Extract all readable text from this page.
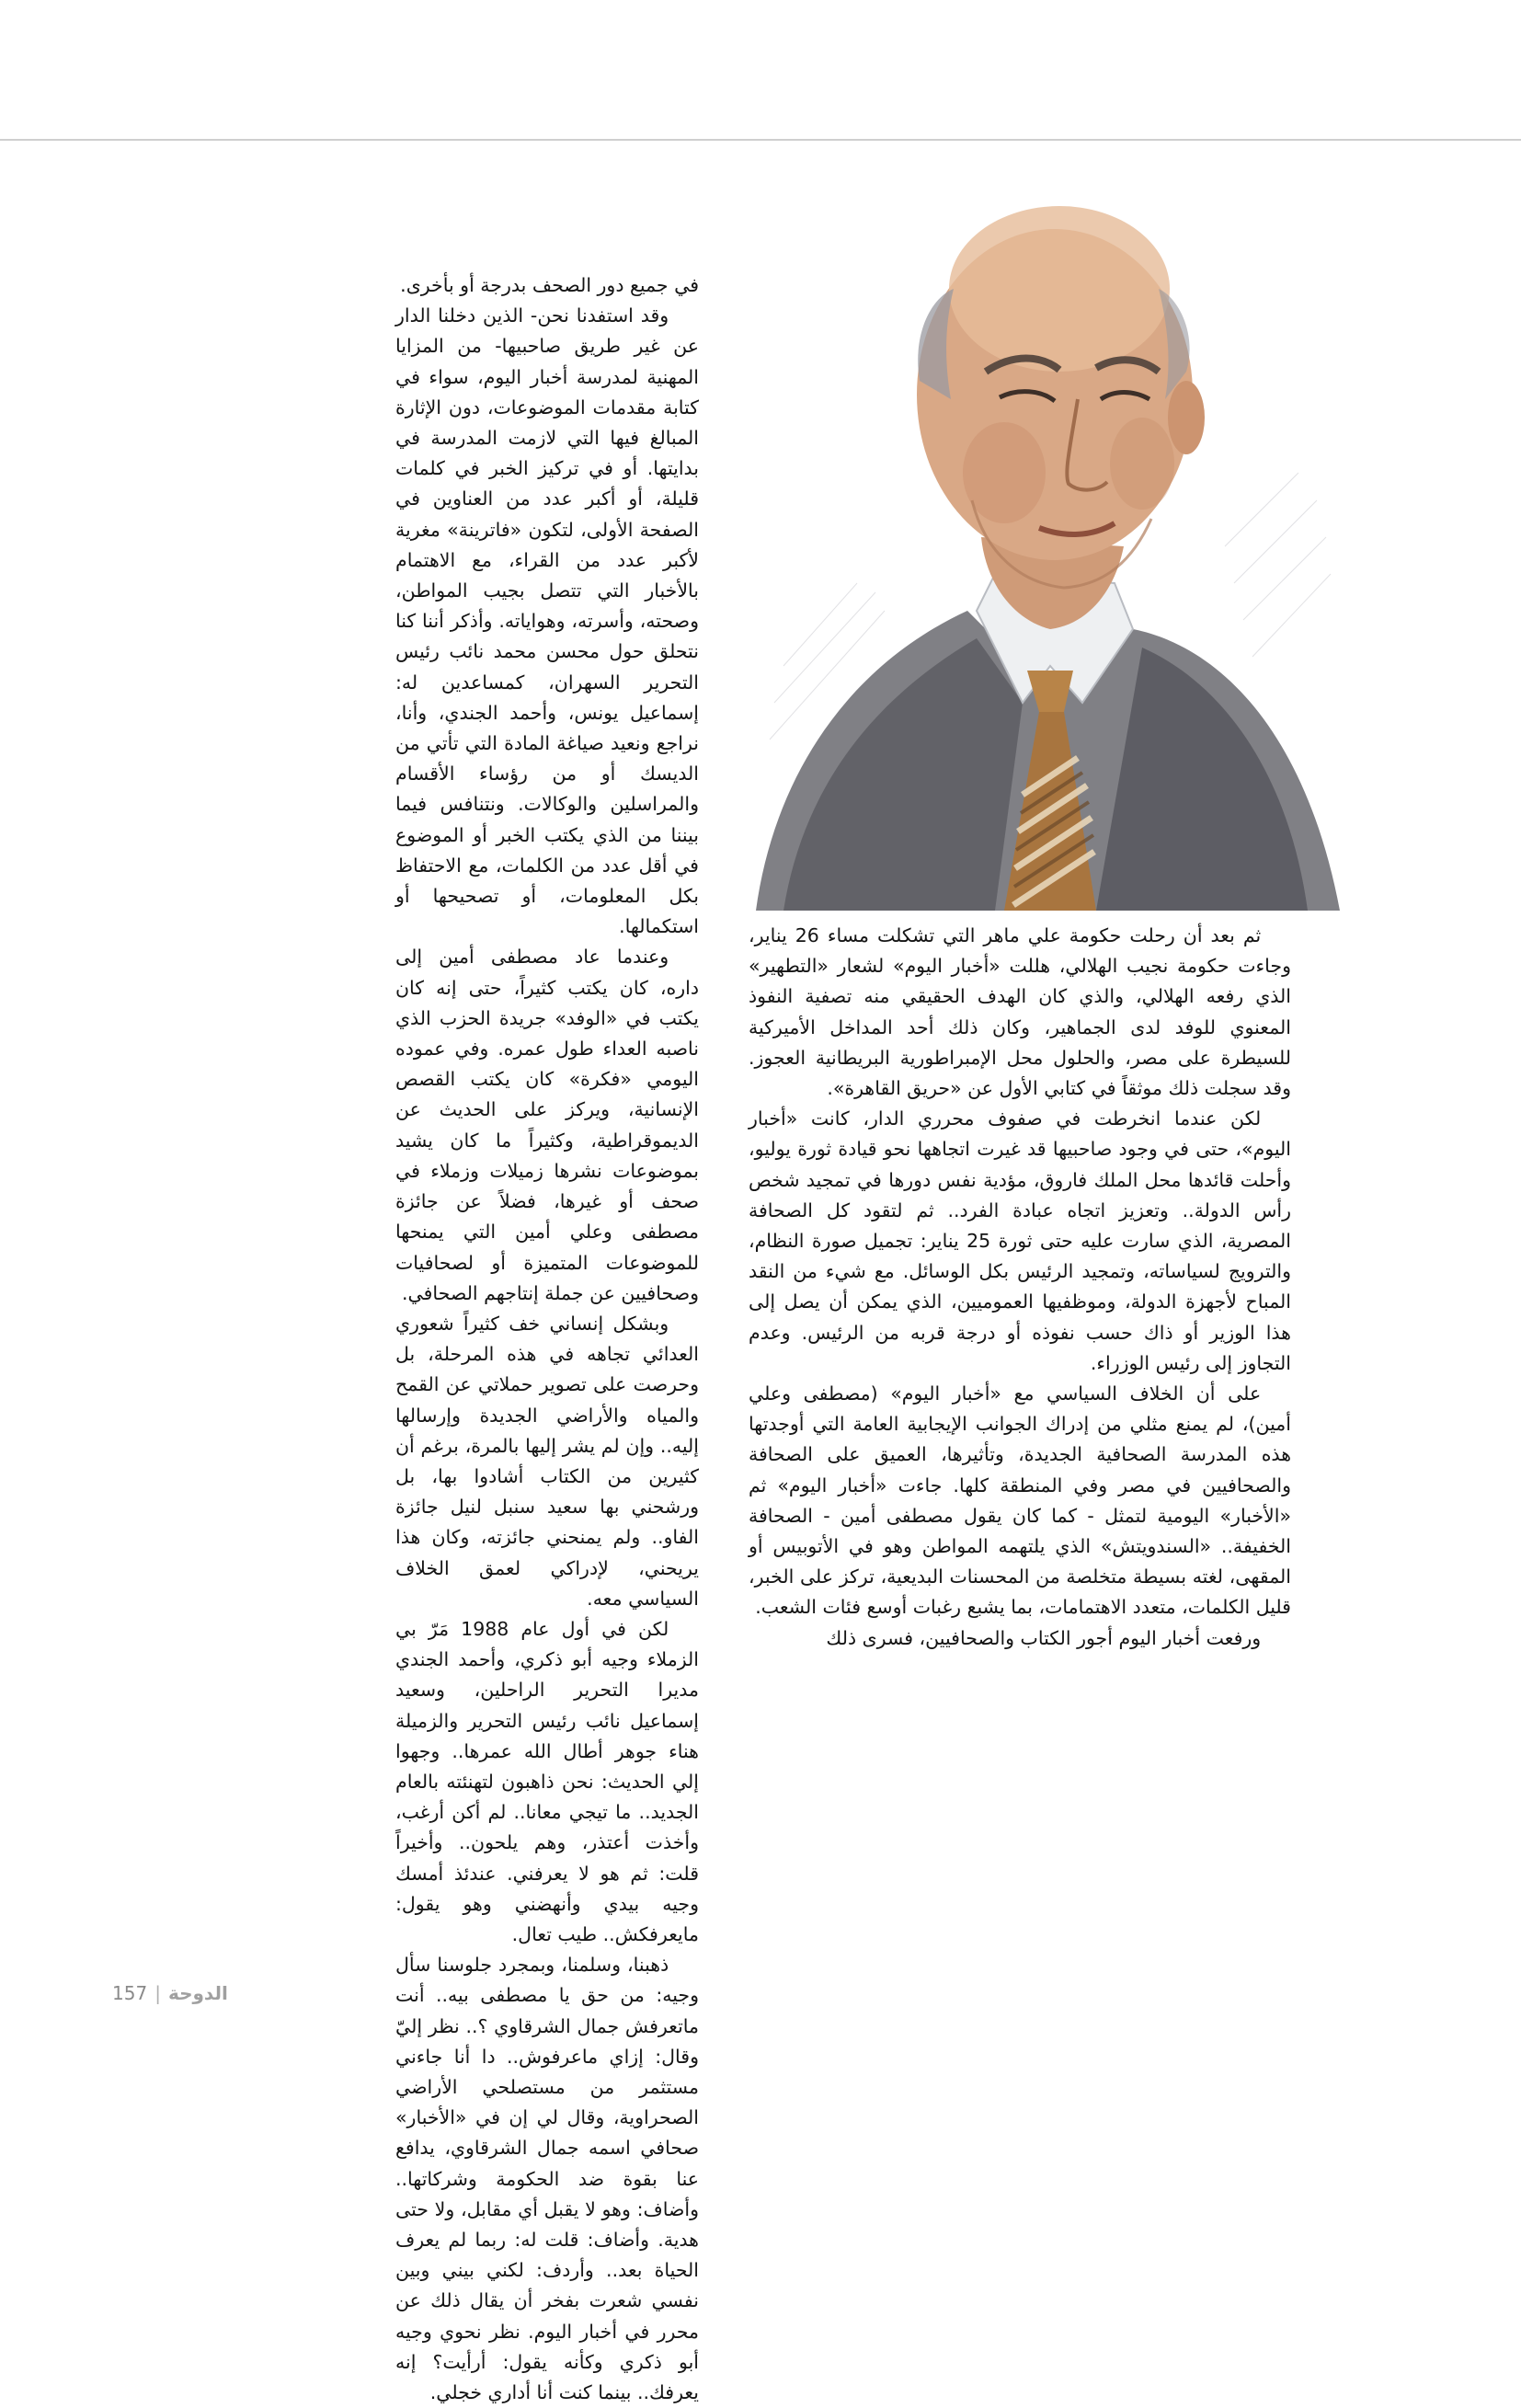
في جميع دور الصحف بدرجة أو بأخرى.

وقد استفدنا نحن- الذين دخلنا الدار عن غير طريق صاحبيها- من المزايا المهنية لمدرسة أخبار اليوم، سواء في كتابة مقدمات الموضوعات، دون الإثارة المبالغ فيها التي لازمت المدرسة في بدايتها. أو في تركيز الخبر في كلمات قليلة، أو أكبر عدد من العناوين في الصفحة الأولى، لتكون «فاترينة» مغرية لأكبر عدد من القراء، مع الاهتمام بالأخبار التي تتصل بجيب المواطن، وصحته، وأسرته، وهواياته. وأذكر أننا كنا نتحلق حول محسن محمد نائب رئيس التحرير السهران، كمساعدين له: إسماعيل يونس، وأحمد الجندي، وأنا، نراجع ونعيد صياغة المادة التي تأتي من الديسك أو من رؤساء الأقسام والمراسلين والوكالات. ونتنافس فيما بيننا من الذي يكتب الخبر أو الموضوع في أقل عدد من الكلمات، مع الاحتفاظ بكل المعلومات، أو تصحيحها أو استكمالها.

وعندما عاد مصطفى أمين إلى داره، كان يكتب كثيراً، حتى إنه كان يكتب في «الوفد» جريدة الحزب الذي ناصبه العداء طول عمره. وفي عموده اليومي «فكرة» كان يكتب القصص الإنسانية، ويركز على الحديث عن الديموقراطية، وكثيراً ما كان يشيد بموضوعات نشرها زميلات وزملاء في صحف أو غيرها، فضلاً عن جائزة مصطفى وعلي أمين التي يمنحها للموضوعات المتميزة أو لصحافيات وصحافيين عن جملة إنتاجهم الصحافي.

وبشكل إنساني خف كثيراً شعوري العدائي تجاهه في هذه المرحلة، بل وحرصت على تصوير حملاتي عن القمح والمياه والأراضي الجديدة وإرسالها إليه.. وإن لم يشر إليها بالمرة، برغم أن كثيرين من الكتاب أشادوا بها، بل ورشحني بها سعيد سنبل لنيل جائزة الفاو.. ولم يمنحني جائزته، وكان هذا يريحني، لإدراكي لعمق الخلاف السياسي معه.

لكن في أول عام 1988 مَرّ بي الزملاء وجيه أبو ذكري، وأحمد الجندي مديرا التحرير الراحلين، وسعيد إسماعيل نائب رئيس التحرير والزميلة هناء جوهر أطال الله عمرها.. وجهوا إلي الحديث: نحن ذاهبون لتهنئته بالعام الجديد.. ما تيجي معانا.. لم أكن أرغب، وأخذت أعتذر، وهم يلحون.. وأخيراً قلت: ثم هو لا يعرفني. عندئذ أمسك وجيه بيدي وأنهضني وهو يقول: مايعرفكش.. طيب تعال.

ذهبنا، وسلمنا، وبمجرد جلوسنا سأل وجيه: من حق يا مصطفى بيه.. أنت ماتعرفش جمال الشرقاوي ؟.. نظر إليّ وقال: إزاي ماعرفوش.. دا أنا جاءني مستثمر من مستصلحي الأراضي الصحراوية، وقال لي إن في «الأخبار» صحافي اسمه جمال الشرقاوي، يدافع عنا بقوة ضد الحكومة وشركاتها.. وأضاف: وهو لا يقبل أي مقابل، ولا حتى هدية. وأضاف: قلت له: ربما لم يعرف الحياة بعد.. وأردف: لكني بيني وبين نفسي شعرت بفخر أن يقال ذلك عن محرر في أخبار اليوم. نظر نحوي وجيه أبو ذكري وكأنه يقول: أرأيت؟ إنه يعرفك.. بينما كنت أنا أداري خجلي.

ثم بعد أن رحلت حكومة علي ماهر التي تشكلت مساء 26 يناير، وجاءت حكومة نجيب الهلالي، هللت «أخبار اليوم» لشعار «التطهير» الذي رفعه الهلالي، والذي كان الهدف الحقيقي منه تصفية النفوذ المعنوي للوفد لدى الجماهير، وكان ذلك أحد المداخل الأميركية للسيطرة على مصر، والحلول محل الإمبراطورية البريطانية العجوز. وقد سجلت ذلك موثقاً في كتابي الأول عن «حريق القاهرة».

لكن عندما انخرطت في صفوف محرري الدار، كانت «أخبار اليوم»، حتى في وجود صاحبيها قد غيرت اتجاهها نحو قيادة ثورة يوليو، وأحلت قائدها محل الملك فاروق، مؤدية نفس دورها في تمجيد شخص رأس الدولة.. وتعزيز اتجاه عبادة الفرد.. ثم لتقود كل الصحافة المصرية، الذي سارت عليه حتى ثورة 25 يناير: تجميل صورة النظام، والترويج لسياساته، وتمجيد الرئيس بكل الوسائل. مع شيء من النقد المباح لأجهزة الدولة، وموظفيها العموميين، الذي يمكن أن يصل إلى هذا الوزير أو ذاك حسب نفوذه أو درجة قربه من الرئيس. وعدم التجاوز إلى رئيس الوزراء.

على أن الخلاف السياسي مع «أخبار اليوم» (مصطفى وعلي أمين)، لم يمنع مثلي من إدراك الجوانب الإيجابية العامة التي أوجدتها هذه المدرسة الصحافية الجديدة، وتأثيرها، العميق على الصحافة والصحافيين في مصر وفي المنطقة كلها. جاءت «أخبار اليوم» ثم «الأخبار» اليومية لتمثل - كما كان يقول مصطفى أمين - الصحافة الخفيفة.. «السندويتش» الذي يلتهمه المواطن وهو في الأتوبيس أو المقهى، لغته بسيطة متخلصة من المحسنات البديعية، تركز على الخبر، قليل الكلمات، متعدد الاهتمامات، بما يشبع رغبات أوسع فئات الشعب.

ورفعت أخبار اليوم أجور الكتاب والصحافيين، فسرى ذلك

157 | الدوحة
